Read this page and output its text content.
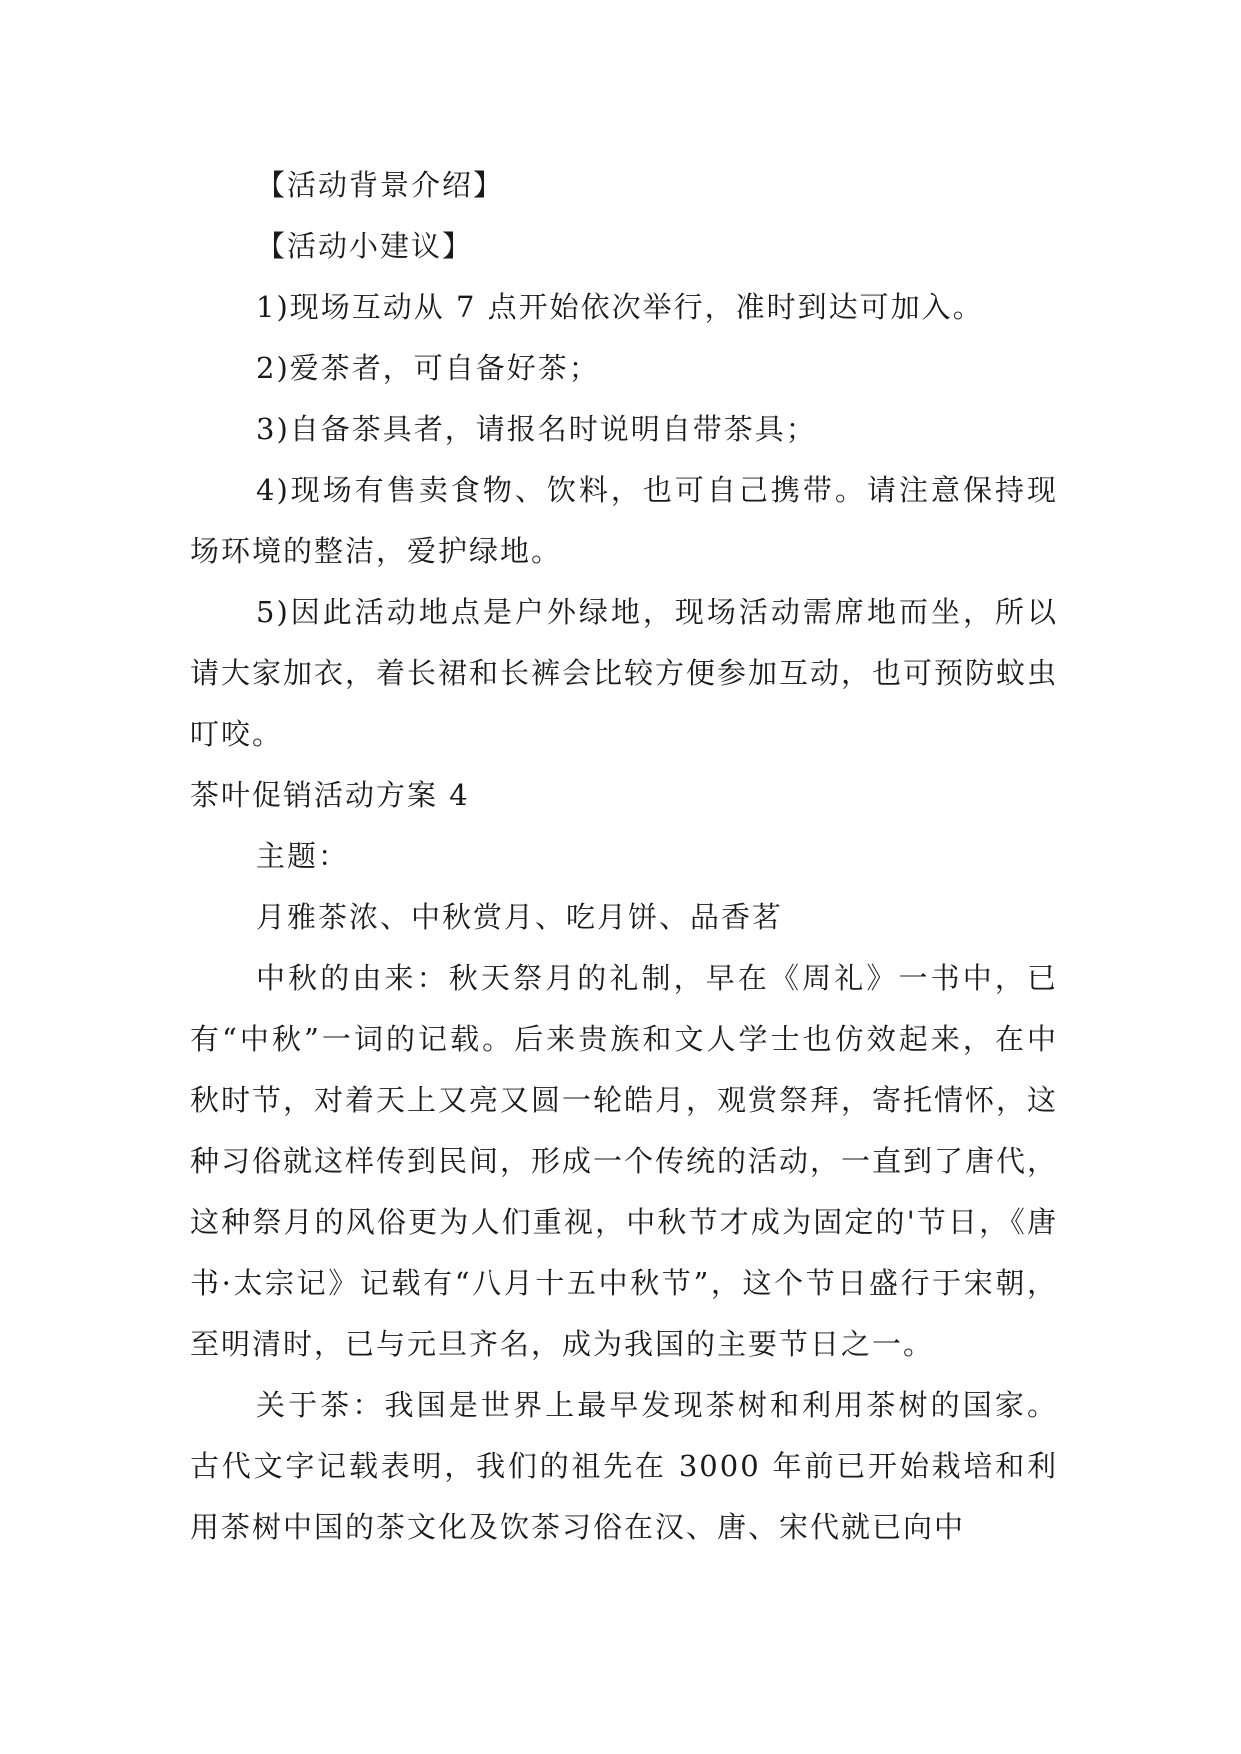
【活动背景介绍】

【活动小建议】

1)现场互动从 7 点开始依次举行，准时到达可加入。

2)爱茶者，可自备好茶；

3)自备茶具者，请报名时说明自带茶具；

4)现场有售卖食物、饮料，也可自己携带。请注意保持现场环境的整洁，爱护绿地。

5)因此活动地点是户外绿地，现场活动需席地而坐，所以请大家加衣，着长裙和长裤会比较方便参加互动，也可预防蚊虫叮咬。

茶叶促销活动方案 4

主题：

月雅茶浓、中秋赏月、吃月饼、品香茗

中秋的由来：秋天祭月的礼制，早在《周礼》一书中，已有“中秋”一词的记载。后来贵族和文人学士也仿效起来，在中秋时节，对着天上又亮又圆一轮皓月，观赏祭拜，寄托情怀，这种习俗就这样传到民间，形成一个传统的活动，一直到了唐代，这种祭月的风俗更为人们重视，中秋节才成为固定的'节日，《唐书·太宗记》记载有“八月十五中秋节”，这个节日盛行于宋朝，至明清时，已与元旦齐名，成为我国的主要节日之一。

关于茶：我国是世界上最早发现茶树和利用茶树的国家。古代文字记载表明，我们的祖先在 3000 年前已开始栽培和利用茶树中国的茶文化及饮茶习俗在汉、唐、宋代就已向中
